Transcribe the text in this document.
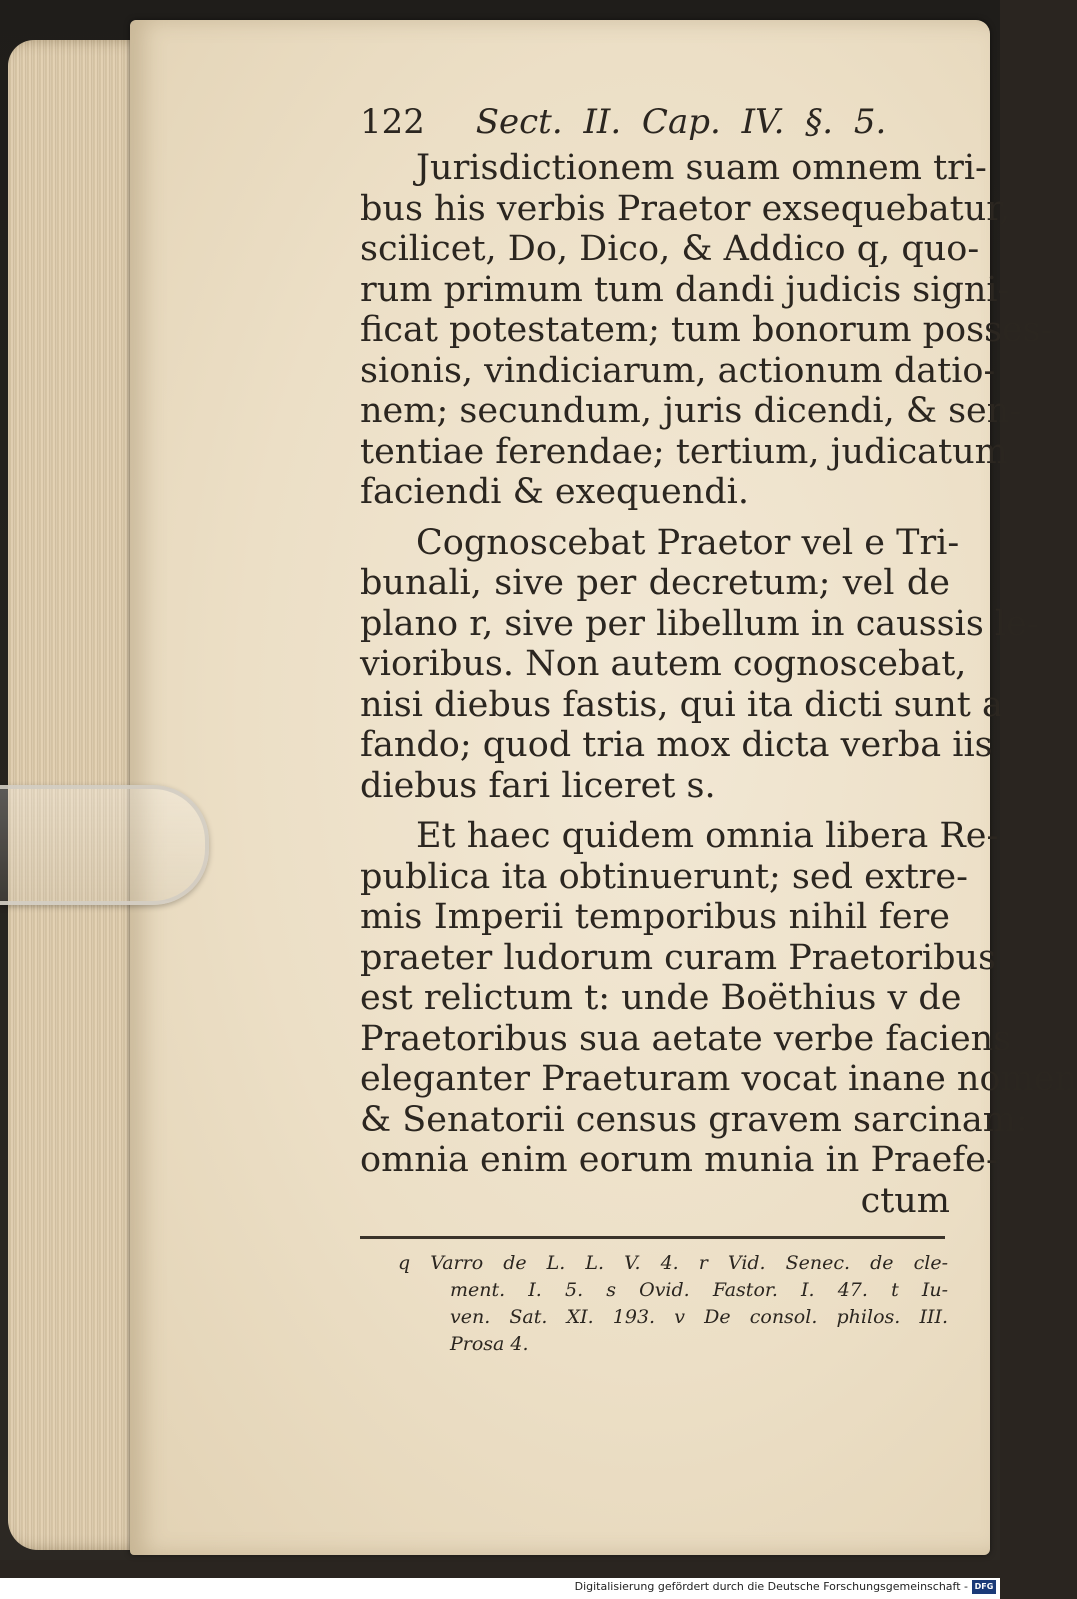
122 Sect. II. Cap. IV. §. 5.
Jurisdictionem suam omnem tri-
bus his verbis Praetor exsequebatur,
scilicet, Do, Dico, & Addico q, quo-
rum primum tum dandi judicis signi-
ficat potestatem; tum bonorum posses-
sionis, vindiciarum, actionum datio-
nem; secundum, juris dicendi, & sen-
tentiae ferendae; tertium, judicatum
faciendi & exequendi.
Cognoscebat Praetor vel e Tri-
bunali, sive per decretum; vel de
plano r, sive per libellum in caussis le-
vioribus. Non autem cognoscebat,
nisi diebus fastis, qui ita dicti sunt a
fando; quod tria mox dicta verba iis
diebus fari liceret s.
Et haec quidem omnia libera Re-
publica ita obtinuerunt; sed extre-
mis Imperii temporibus nihil fere
praeter ludorum curam Praetoribus
est relictum t: unde Boëthius v de
Praetoribus sua aetate verbe faciens
eleganter Praeturam vocat inane nomen
& Senatorii census gravem sarcinam:
omnia enim eorum munia in Praefe-
ctum
q Varro de L. L. V. 4. r Vid. Senec. de cle-
ment. I. 5. s Ovid. Fastor. I. 47. t Iu-
ven. Sat. XI. 193. v De consol. philos. III.
Prosa 4.
Digitalisierung gefördert durch die Deutsche Forschungsgemeinschaft - DFG
